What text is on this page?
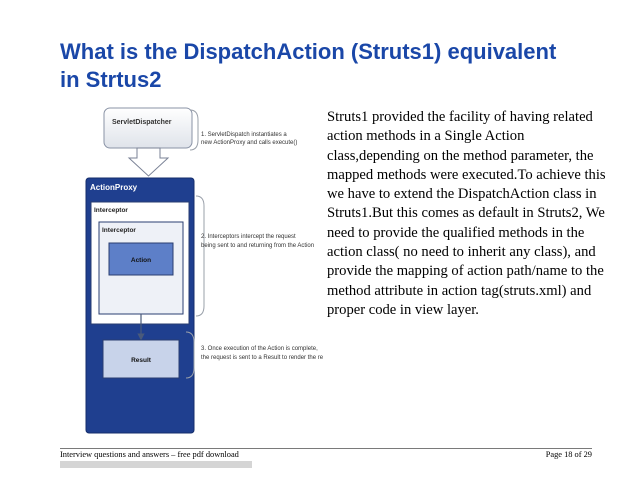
What is the DispatchAction (Struts1) equivalent
in Strtus2
ServletDispatcher
ActionProxy
Interceptor
Interceptor
Action
Result
1. ServletDispatch instantiates a
new ActionProxy and calls execute()
2. Interceptors intercept the request
being sent to and returning from the Action
3. Once execution of the Action is complete,
the request is sent to a Result to render the re

Struts1 provided the facility of having related action methods in a Single Action class,depending on the method parameter, the mapped methods were executed.To achieve this we have to extend the DispatchAction class in Struts1.But this comes as default in Struts2, We need to provide the qualified methods in the action class( no need to inherit any class), and provide the mapping of action path/name to the method attribute in action tag(struts.xml) and proper code in view layer.

Interview questions and answers – free pdf download	Page 18 of 29
